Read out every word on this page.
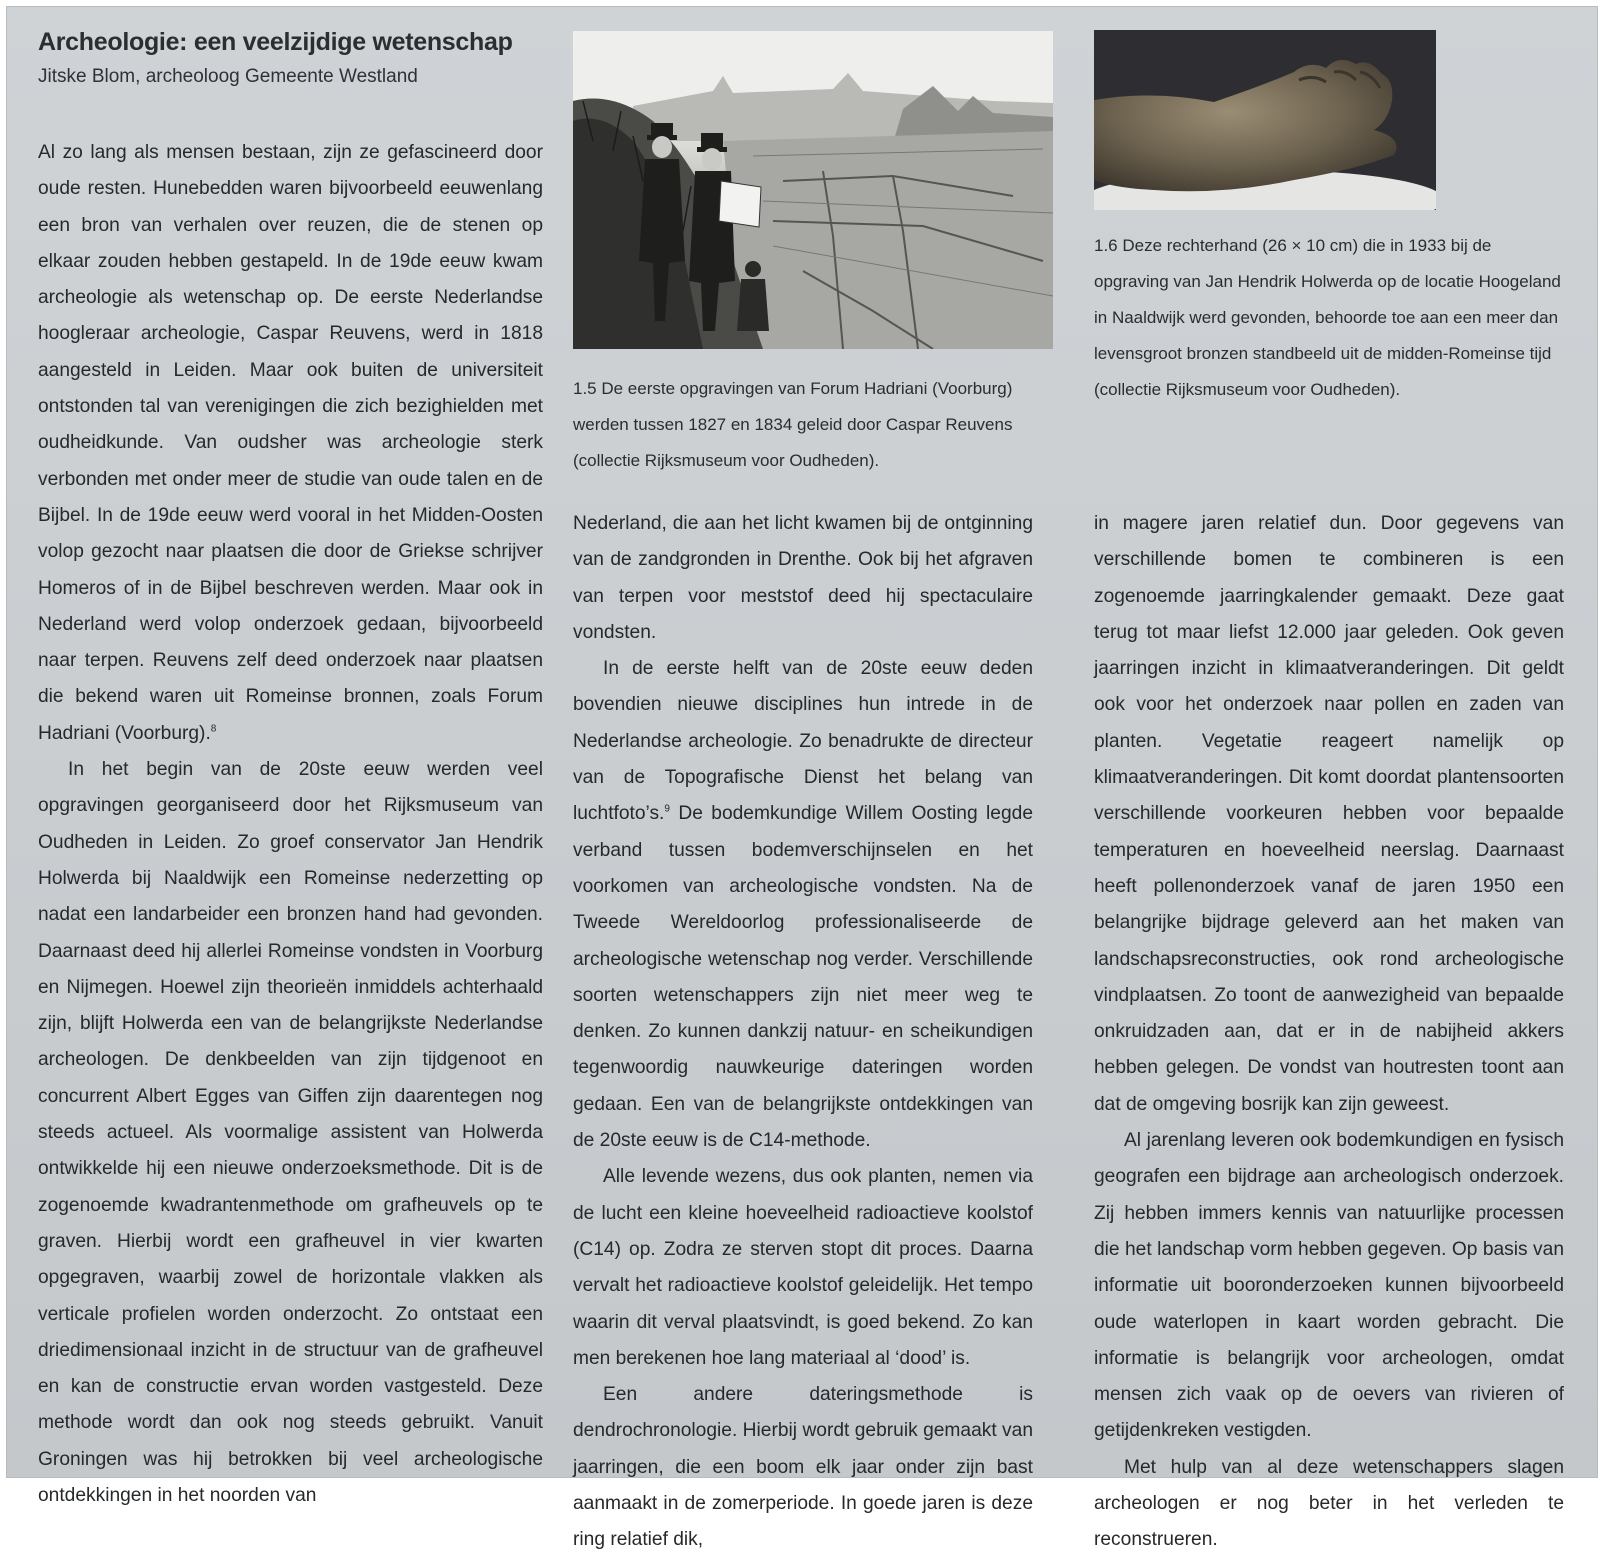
Archeologie: een veelzijdige wetenschap

Jitske Blom, archeoloog Gemeente Westland

Al zo lang als mensen bestaan, zijn ze gefascineerd door oude resten. Hunebedden waren bijvoorbeeld eeuwenlang een bron van verhalen over reuzen, die de stenen op elkaar zouden hebben gestapeld. In de 19de eeuw kwam archeologie als wetenschap op. De eerste Nederlandse hoogleraar archeologie, Caspar Reuvens, werd in 1818 aangesteld in Leiden. Maar ook buiten de universiteit ontstonden tal van verenigingen die zich bezighielden met oudheidkunde. Van oudsher was archeologie sterk verbonden met onder meer de studie van oude talen en de Bijbel. In de 19de eeuw werd vooral in het Midden-Oosten volop gezocht naar plaatsen die door de Griekse schrijver Homeros of in de Bijbel beschreven werden. Maar ook in Nederland werd volop onderzoek gedaan, bijvoorbeeld naar terpen. Reuvens zelf deed onderzoek naar plaatsen die bekend waren uit Romeinse bronnen, zoals Forum Hadriani (Voorburg).$^8$

In het begin van de 20ste eeuw werden veel opgravingen georganiseerd door het Rijksmuseum van Oudheden in Leiden. Zo groef conservator Jan Hendrik Holwerda bij Naaldwijk een Romeinse nederzetting op nadat een landarbeider een bronzen hand had gevonden. Daarnaast deed hij allerlei Romeinse vondsten in Voorburg en Nijmegen. Hoewel zijn theorieën inmiddels achterhaald zijn, blijft Holwerda een van de belangrijkste Nederlandse archeologen. De denkbeelden van zijn tijdgenoot en concurrent Albert Egges van Giffen zijn daarentegen nog steeds actueel. Als voormalige assistent van Holwerda ontwikkelde hij een nieuwe onderzoeksmethode. Dit is de zogenoemde kwadrantenmethode om grafheuvels op te graven. Hierbij wordt een grafheuvel in vier kwarten opgegraven, waarbij zowel de horizontale vlakken als verticale profielen worden onderzocht. Zo ontstaat een driedimensionaal inzicht in de structuur van de grafheuvel en kan de constructie ervan worden vastgesteld. Deze methode wordt dan ook nog steeds gebruikt. Vanuit Groningen was hij betrokken bij veel archeologische ontdekkingen in het noorden van

1.5 De eerste opgravingen van Forum Hadriani (Voorburg) werden tussen 1827 en 1834 geleid door Caspar Reuvens (collectie Rijksmuseum voor Oudheden).

Nederland, die aan het licht kwamen bij de ontginning van de zandgronden in Drenthe. Ook bij het afgraven van terpen voor meststof deed hij spectaculaire vondsten.

In de eerste helft van de 20ste eeuw deden bovendien nieuwe disciplines hun intrede in de Nederlandse archeologie. Zo benadrukte de directeur van de Topografische Dienst het belang van luchtfoto’s.$^9$ De bodemkundige Willem Oosting legde verband tussen bodemverschijnselen en het voorkomen van archeologische vondsten. Na de Tweede Wereldoorlog professionaliseerde de archeologische wetenschap nog verder. Verschillende soorten wetenschappers zijn niet meer weg te denken. Zo kunnen dankzij natuur- en scheikundigen tegenwoordig nauwkeurige dateringen worden gedaan. Een van de belangrijkste ontdekkingen van de 20ste eeuw is de C14-methode.

Alle levende wezens, dus ook planten, nemen via de lucht een kleine hoeveelheid radioactieve koolstof (C14) op. Zodra ze sterven stopt dit proces. Daarna vervalt het radioactieve koolstof geleidelijk. Het tempo waarin dit verval plaatsvindt, is goed bekend. Zo kan men berekenen hoe lang materiaal al ‘dood’ is.

Een andere dateringsmethode is dendrochronologie. Hierbij wordt gebruik gemaakt van jaarringen, die een boom elk jaar onder zijn bast aanmaakt in de zomerperiode. In goede jaren is deze ring relatief dik,

1.6 Deze rechterhand (26 × 10 cm) die in 1933 bij de opgraving van Jan Hendrik Holwerda op de locatie Hoogeland in Naaldwijk werd gevonden, behoorde toe aan een meer dan levensgroot bronzen standbeeld uit de midden-Romeinse tijd (collectie Rijksmuseum voor Oudheden).

in magere jaren relatief dun. Door gegevens van verschillende bomen te combineren is een zogenoemde jaarringkalender gemaakt. Deze gaat terug tot maar liefst 12.000 jaar geleden. Ook geven jaarringen inzicht in klimaatveranderingen. Dit geldt ook voor het onderzoek naar pollen en zaden van planten. Vegetatie reageert namelijk op klimaatveranderingen. Dit komt doordat plantensoorten verschillende voorkeuren hebben voor bepaalde temperaturen en hoeveelheid neerslag. Daarnaast heeft pollenonderzoek vanaf de jaren 1950 een belangrijke bijdrage geleverd aan het maken van landschapsreconstructies, ook rond archeologische vindplaatsen. Zo toont de aanwezigheid van bepaalde onkruidzaden aan, dat er in de nabijheid akkers hebben gelegen. De vondst van houtresten toont aan dat de omgeving bosrijk kan zijn geweest.

Al jarenlang leveren ook bodemkundigen en fysisch geografen een bijdrage aan archeologisch onderzoek. Zij hebben immers kennis van natuurlijke processen die het landschap vorm hebben gegeven. Op basis van informatie uit booronderzoeken kunnen bijvoorbeeld oude waterlopen in kaart worden gebracht. Die informatie is belangrijk voor archeologen, omdat mensen zich vaak op de oevers van rivieren of getijdenkreken vestigden.

Met hulp van al deze wetenschappers slagen archeologen er nog beter in het verleden te reconstrueren.
